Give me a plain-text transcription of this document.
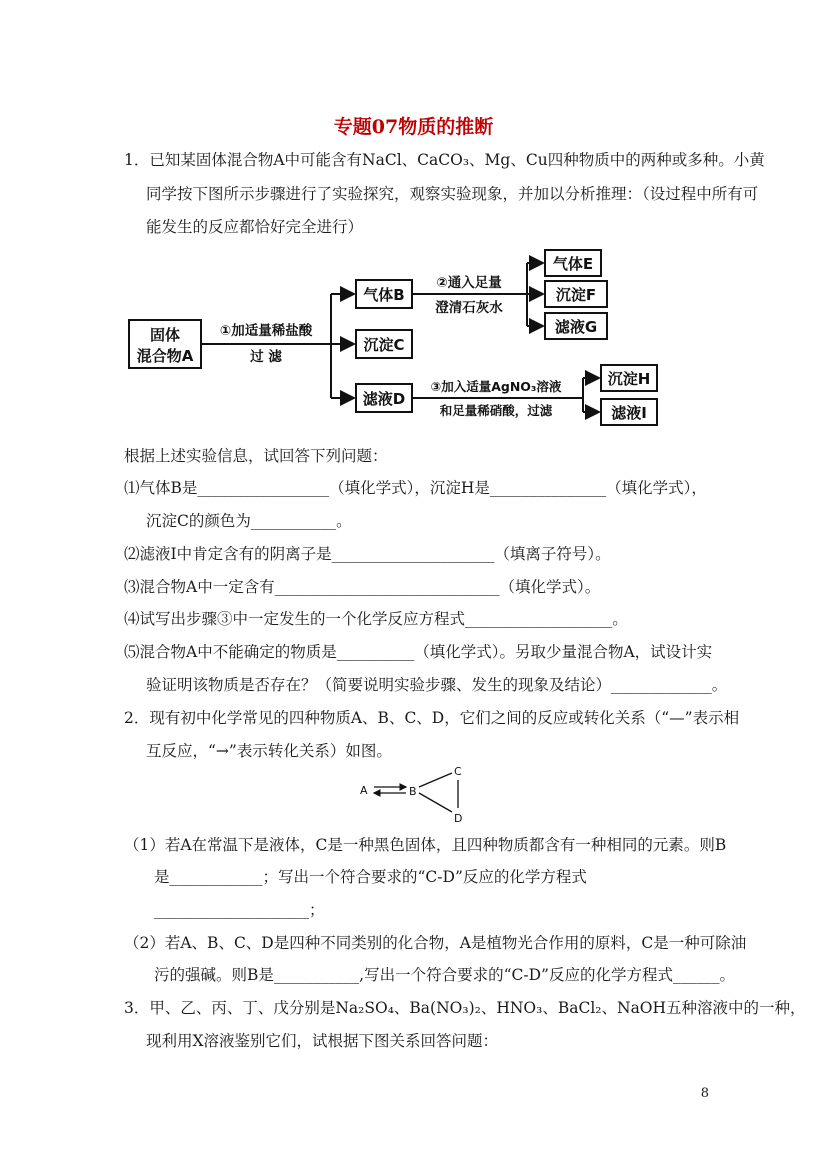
专题07物质的推断
1．已知某固体混合物A中可能含有NaCl、CaCO₃、Mg、Cu四种物质中的两种或多种。小黄
同学按下图所示步骤进行了实验探究，观察实验现象，并加以分析推理：（设过程中所有可
能发生的反应都恰好完全进行）
固体
混合物A
①加适量稀盐酸
过 滤
气体B
沉淀C
滤液D
②通入足量
澄清石灰水
气体E
沉淀F
滤液G
③加入适量AgNO₃溶液
和足量稀硝酸，过滤
沉淀H
滤液I
根据上述实验信息，试回答下列问题：
⑴气体B是_________________（填化学式），沉淀H是_______________（填化学式），
沉淀C的颜色为___________。
⑵滤液I中肯定含有的阴离子是_____________________（填离子符号）。
⑶混合物A中一定含有_____________________________（填化学式）。
⑷试写出步骤③中一定发生的一个化学反应方程式___________________。
⑸混合物A中不能确定的物质是__________（填化学式）。另取少量混合物A，试设计实
验证明该物质是否存在？（简要说明实验步骤、发生的现象及结论）_____________。
2．现有初中化学常见的四种物质A、B、C、D，它们之间的反应或转化关系（“—”表示相
互反应，“→”表示转化关系）如图。
A	B
C
D
（1）若A在常温下是液体，C是一种黑色固体，且四种物质都含有一种相同的元素。则B
是____________；写出一个符合要求的“C-D”反应的化学方程式
____________________；
（2）若A、B、C、D是四种不同类别的化合物，A是植物光合作用的原料，C是一种可除油
污的强碱。则B是___________,写出一个符合要求的“C-D”反应的化学方程式______。
3．甲、乙、丙、丁、戊分别是Na₂SO₄、Ba(NO₃)₂、HNO₃、BaCl₂、NaOH五种溶液中的一种，
现利用X溶液鉴别它们，试根据下图关系回答问题：
8
